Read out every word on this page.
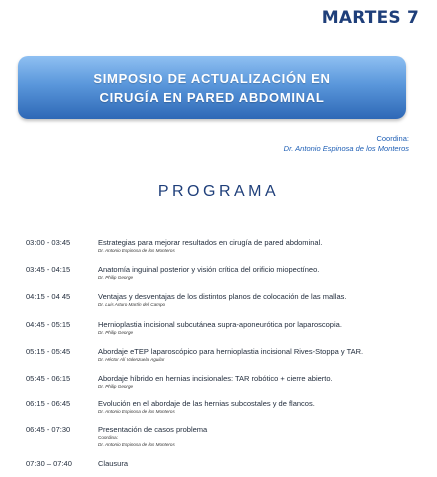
MARTES 7
SIMPOSIO DE ACTUALIZACIÓN EN
CIRUGÍA EN PARED ABDOMINAL
Coordina:
Dr. Antonio Espinosa de los Monteros
PROGRAMA
03:00 - 03:45	Estrategias para mejorar resultados en cirugía de pared abdominal.
Dr. Antonio Espinosa de los Monteros
03:45 - 04:15	Anatomía inguinal posterior y visión crítica del orificio miopectíneo.
Dr. Philip George
04:15 - 04 45	Ventajas y desventajas de los distintos planos de colocación de las mallas.
Dr. Luis Arturo Martín del Campo
04:45 - 05:15	Hernioplastia incisional subcutánea supra-aponeurótica por laparoscopia.
Dr. Philip George
05:15 - 05:45	Abordaje eTEP laparoscópico para hernioplastia incisional Rives-Stoppa y TAR.
Dr. Héctor Alí Valenzuela Aguilar
05:45 - 06:15	Abordaje híbrido en hernias incisionales: TAR robótico + cierre abierto.
Dr. Philip George
06:15 - 06:45	Evolución en el abordaje de las hernias subcostales y de flancos.
Dr. Antonio Espinosa de los Monteros
06:45 - 07:30	Presentación de casos problema
Coordina:
Dr. Antonio Espinosa de los Monteros
07:30 – 07:40	Clausura
